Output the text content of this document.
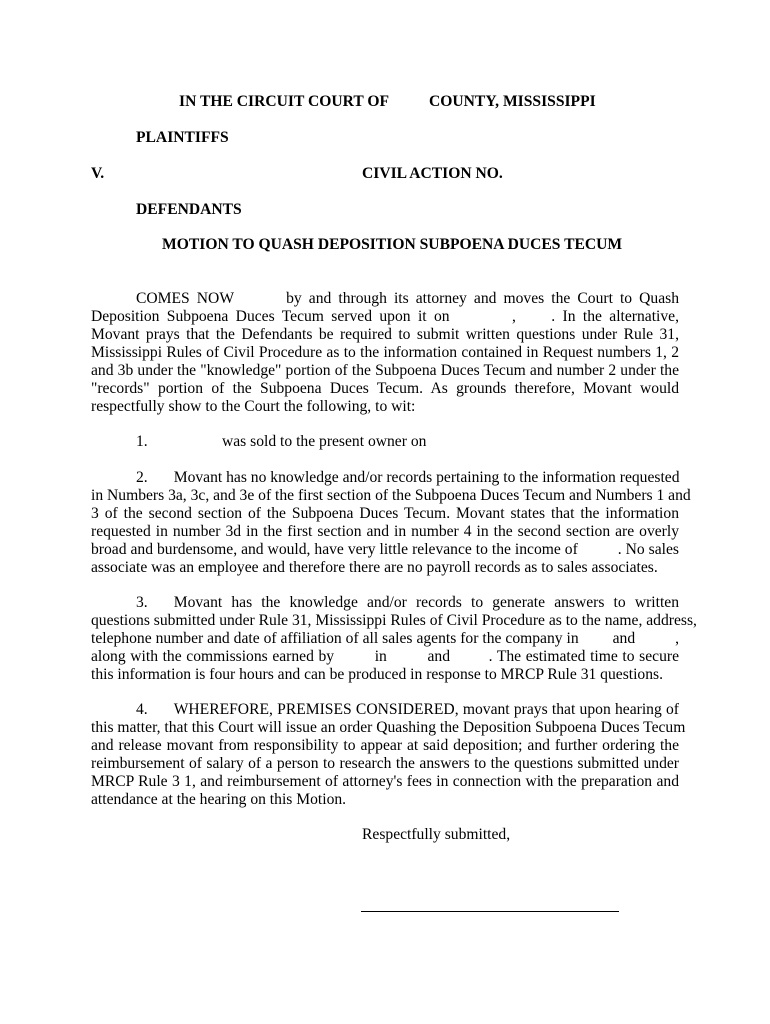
IN THE CIRCUIT COURT OF	COUNTY, MISSISSIPPI
PLAINTIFFS
V.	CIVIL ACTION NO.
DEFENDANTS
MOTION TO QUASH DEPOSITION SUBPOENA DUCES TECUM
COMES NOW	by and through its attorney and moves the Court to Quash
Deposition Subpoena Duces Tecum served upon it on	, . In the alternative,
Movant prays that the Defendants be required to submit written questions under Rule 31,
Mississippi Rules of Civil Procedure as to the information contained in Request numbers 1, 2
and 3b under the "knowledge" portion of the Subpoena Duces Tecum and number 2 under the
"records" portion of the Subpoena Duces Tecum. As grounds therefore, Movant would
respectfully show to the Court the following, to wit:
1.	was sold to the present owner on
2. Movant has no knowledge and/or records pertaining to the information requested
in Numbers 3a, 3c, and 3e of the first section of the Subpoena Duces Tecum and Numbers 1 and
3 of the second section of the Subpoena Duces Tecum. Movant states that the information
requested in number 3d in the first section and in number 4 in the second section are overly
broad and burdensome, and would, have very little relevance to the income of	. No sales
associate was an employee and therefore there are no payroll records as to sales associates.
3. Movant has the knowledge and/or records to generate answers to written
questions submitted under Rule 31, Mississippi Rules of Civil Procedure as to the name, address,
telephone number and date of affiliation of all sales agents for the company in and	,
along with the commissions earned by	in	and . The estimated time to secure
this information is four hours and can be produced in response to MRCP Rule 31 questions.
4. WHEREFORE, PREMISES CONSIDERED, movant prays that upon hearing of
this matter, that this Court will issue an order Quashing the Deposition Subpoena Duces Tecum
and release movant from responsibility to appear at said deposition; and further ordering the
reimbursement of salary of a person to research the answers to the questions submitted under
MRCP Rule 3 1, and reimbursement of attorney's fees in connection with the preparation and
attendance at the hearing on this Motion.
Respectfully submitted,
